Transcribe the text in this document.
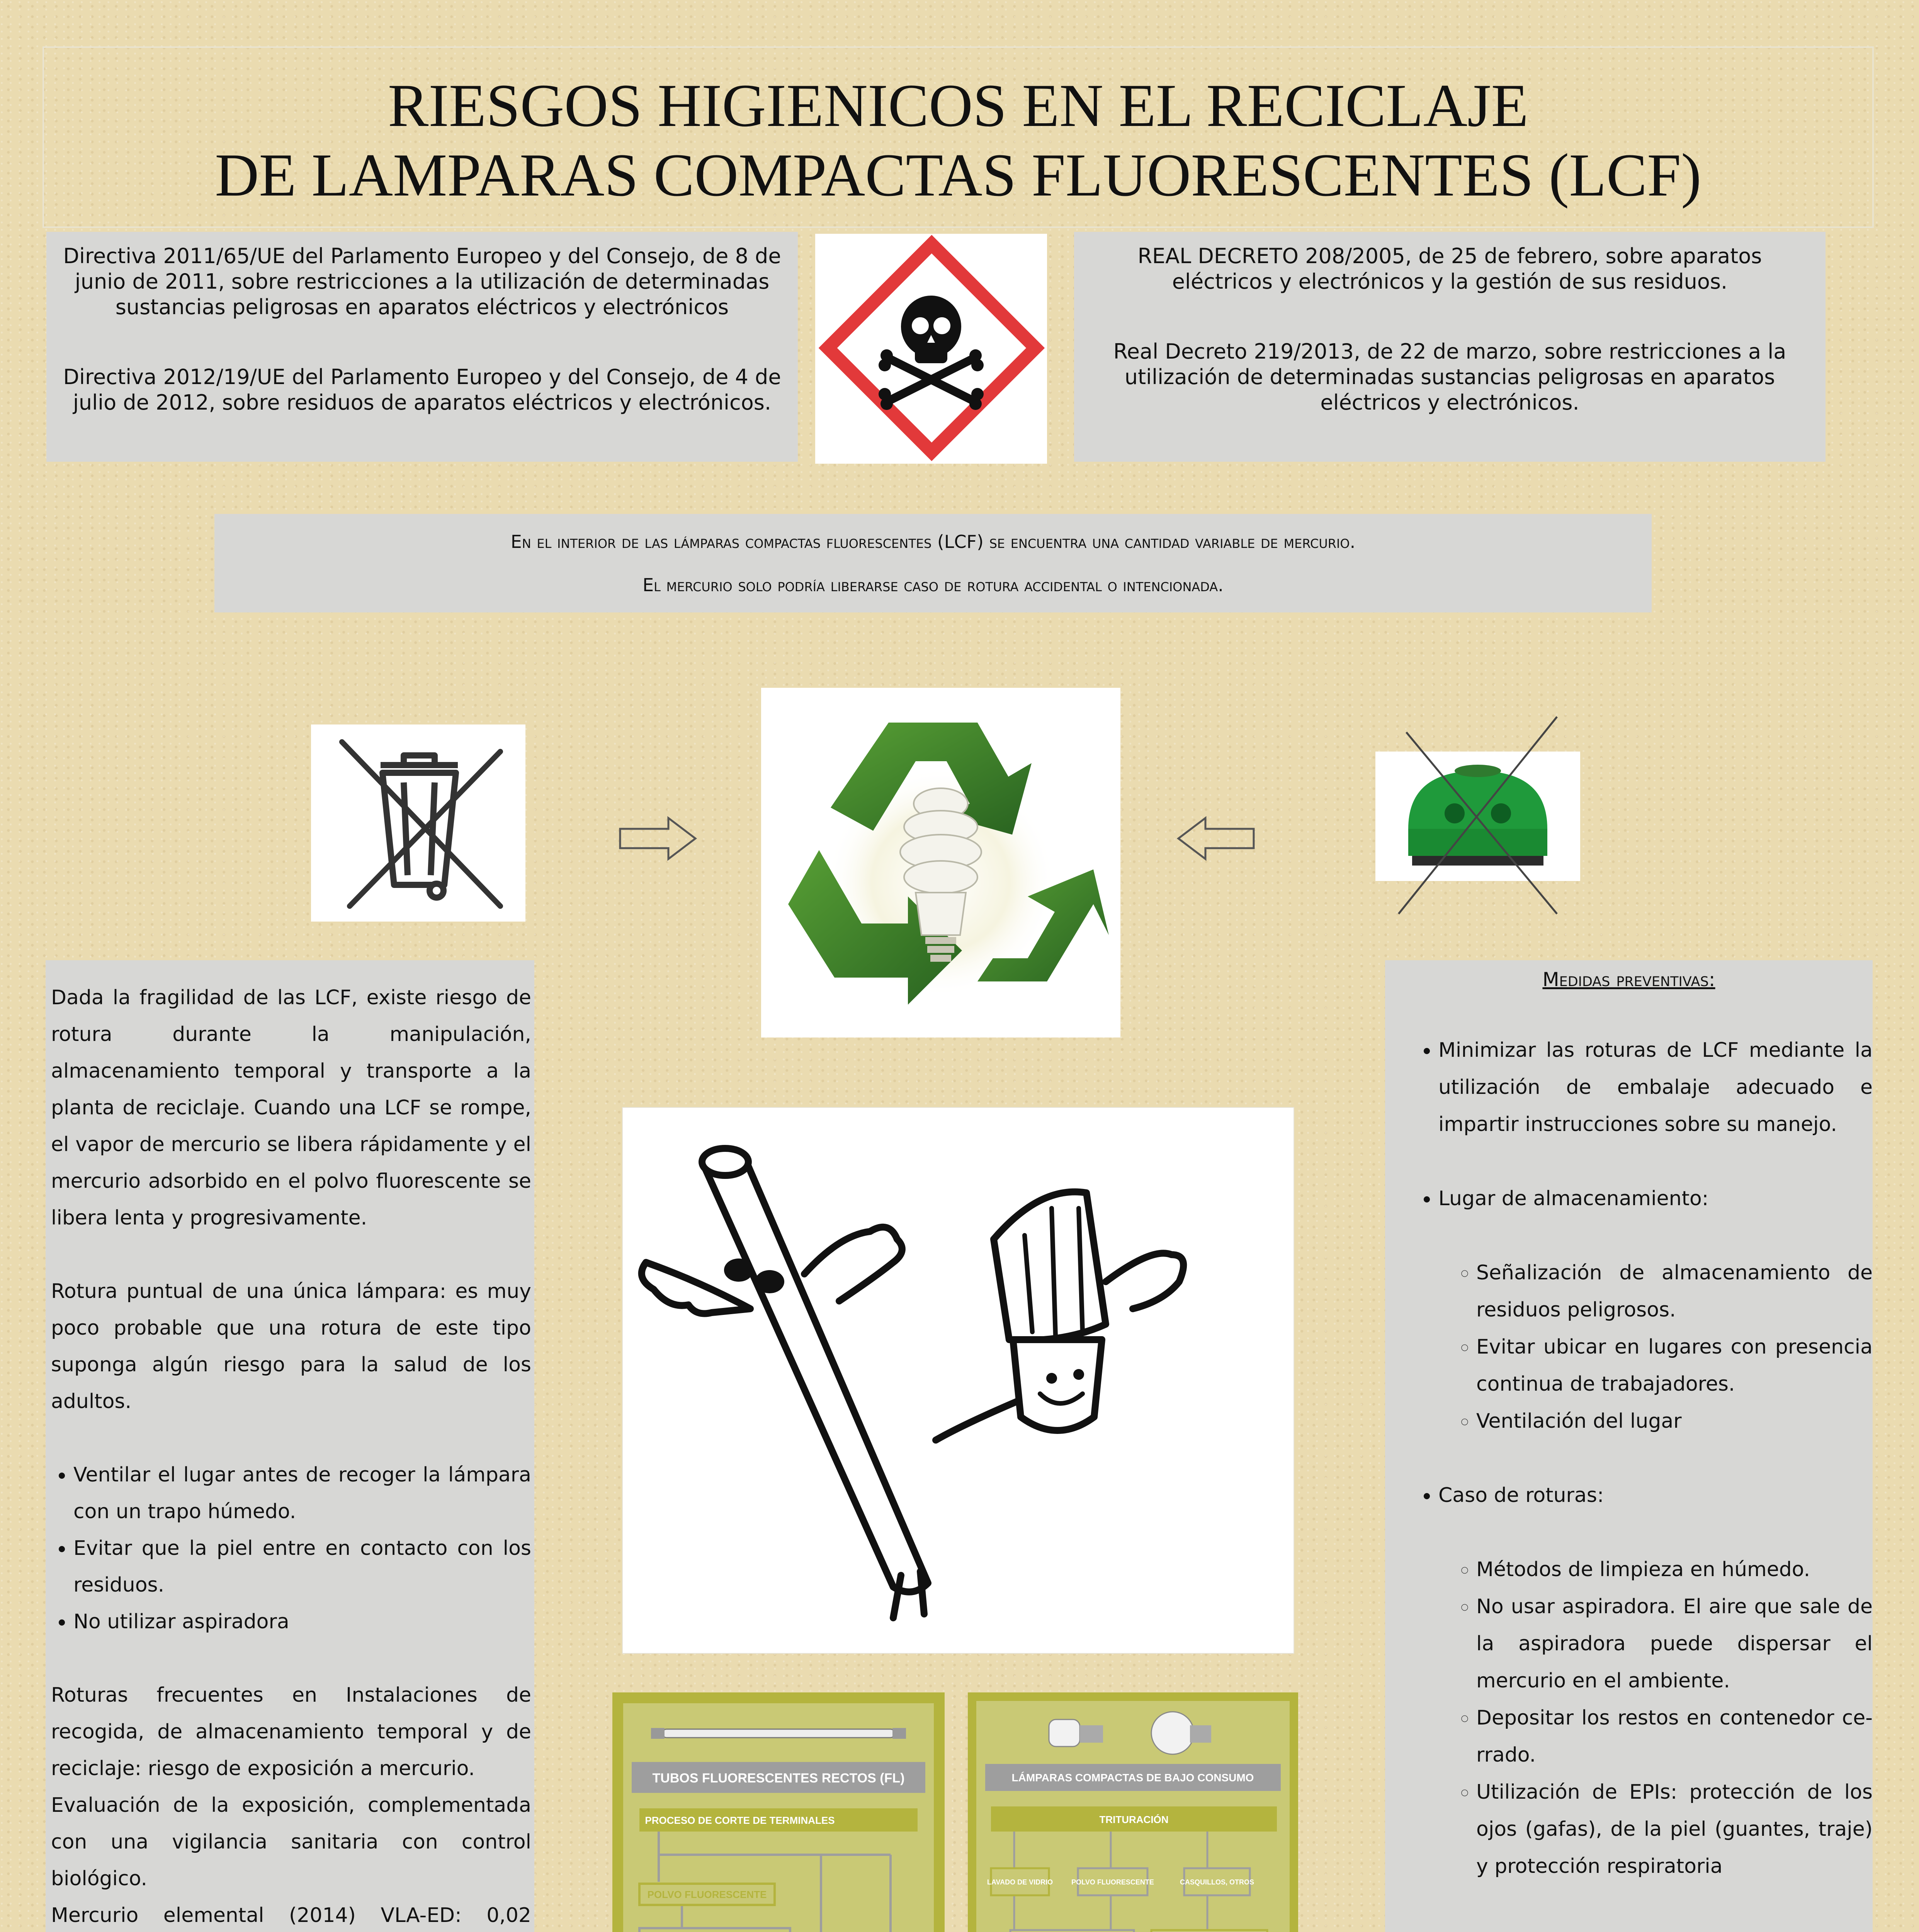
RIESGOS HIGIENICOS EN EL RECICLAJE
DE LAMPARAS COMPACTAS FLUORESCENTES (LCF)

Directiva 2011/65/UE del Parlamento Europeo y del Consejo, de 8 de junio de 2011, sobre restricciones a la utilización de determinadas sustancias peligrosas en aparatos eléctricos y electrónicos

Directiva 2012/19/UE del Parlamento Europeo y del Consejo, de 4 de julio de 2012, sobre residuos de aparatos eléctricos y electrónicos.

REAL DECRETO 208/2005, de 25 de febrero, sobre aparatos eléctricos y electrónicos y la gestión de sus residuos.

Real Decreto 219/2013, de 22 de marzo, sobre restricciones a la utilización de determinadas sustancias peligrosas en aparatos eléctricos y electrónicos.

En el interior de las lámparas compactas fluorescentes (LCF) se encuentra una cantidad variable de mercurio.
El mercurio solo podría liberarse caso de rotura accidental o intencionada.

Dada la fragilidad de las LCF, existe riesgo de rotura durante la manipulación, almacenamiento temporal y transporte a la planta de reciclaje. Cuando una LCF se rompe, el vapor de mercurio se libera rápidamente y el mercurio adsorbido en el polvo fluorescente se libera lenta y progresivamente.

Rotura puntual de una única lámpara: es muy poco probable que una rotura de este tipo suponga algún riesgo para la salud de los adultos.

• Ventilar el lugar antes de recoger la lámpara con un trapo húmedo.
• Evitar que la piel entre en contacto con los residuos.
• No utilizar aspiradora

Roturas frecuentes en Instalaciones de recogida, de almacenamiento temporal y de reciclaje: riesgo de exposición a mercurio.

Evaluación de la exposición, complementada con una vigilancia sanitaria con control biológico.

Mercurio elemental (2014) VLA-ED: 0,02

Medidas preventivas:
• Minimizar las roturas de LCF mediante la utilización de embalaje adecuado e impartir instrucciones sobre su manejo.
• Lugar de almacenamiento:
◦ Señalización de almacenamiento de residuos peligrosos.
◦ Evitar ubicar en lugares con presencia continua de trabajadores.
◦ Ventilación del lugar
• Caso de roturas:
◦ Métodos de limpieza en húmedo.
◦ No usar aspiradora. El aire que sale de la aspiradora puede dispersar el mercurio en el ambiente.
◦ Depositar los restos en contenedor ce-rrado.
◦ Utilización de EPIs: protección de los ojos (gafas), de la piel (guantes, traje) y protección respiratoria
TUBOS FLUORESCENTES RECTOS (FL)
PROCESO DE CORTE DE TERMINALES
POLVO FLUORESCENTE
LÁMPARAS COMPACTAS DE BAJO CONSUMO
TRITURACIÓN
LAVADO DE VIDRIO	POLVO FLUORESCENTE	CASQUILLOS, OTROS
